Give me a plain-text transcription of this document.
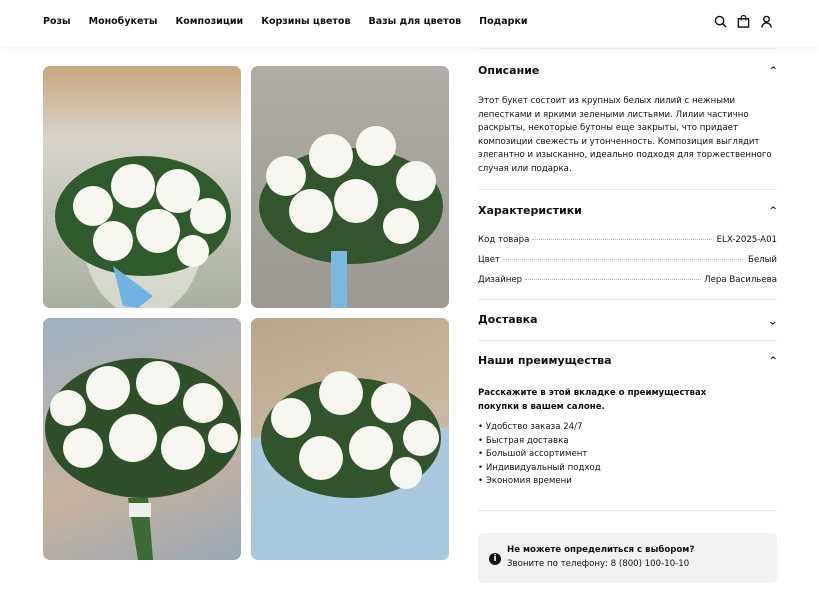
Розы Монобукеты Композиции Корзины цветов Вазы для цветов Подарки
Описание	^
Этот букет состоит из крупных белых лилий с нежными лепестками и яркими зелеными листьями. Лилии частично раскрыты, некоторые бутоны еще закрыты, что придает композиции свежесть и утонченность. Композиция выглядит элегантно и изысканно, идеально подходя для торжественного случая или подарка.
Характеристики	^
Код товара	ELX-2025-A01
Цвет	Белый
Дизайнер	Лера Васильева
Доставка	^
Наши преимущества	^
Расскажите в этой вкладке о преимуществах покупки в вашем салоне.
• Удобство заказа 24/7
• Быстрая доставка
• Большой ассортимент
• Индивидуальный подход
• Экономия времени
i
Не можете определиться с выбором?
Звоните по телефону: 8 (800) 100-10-10
